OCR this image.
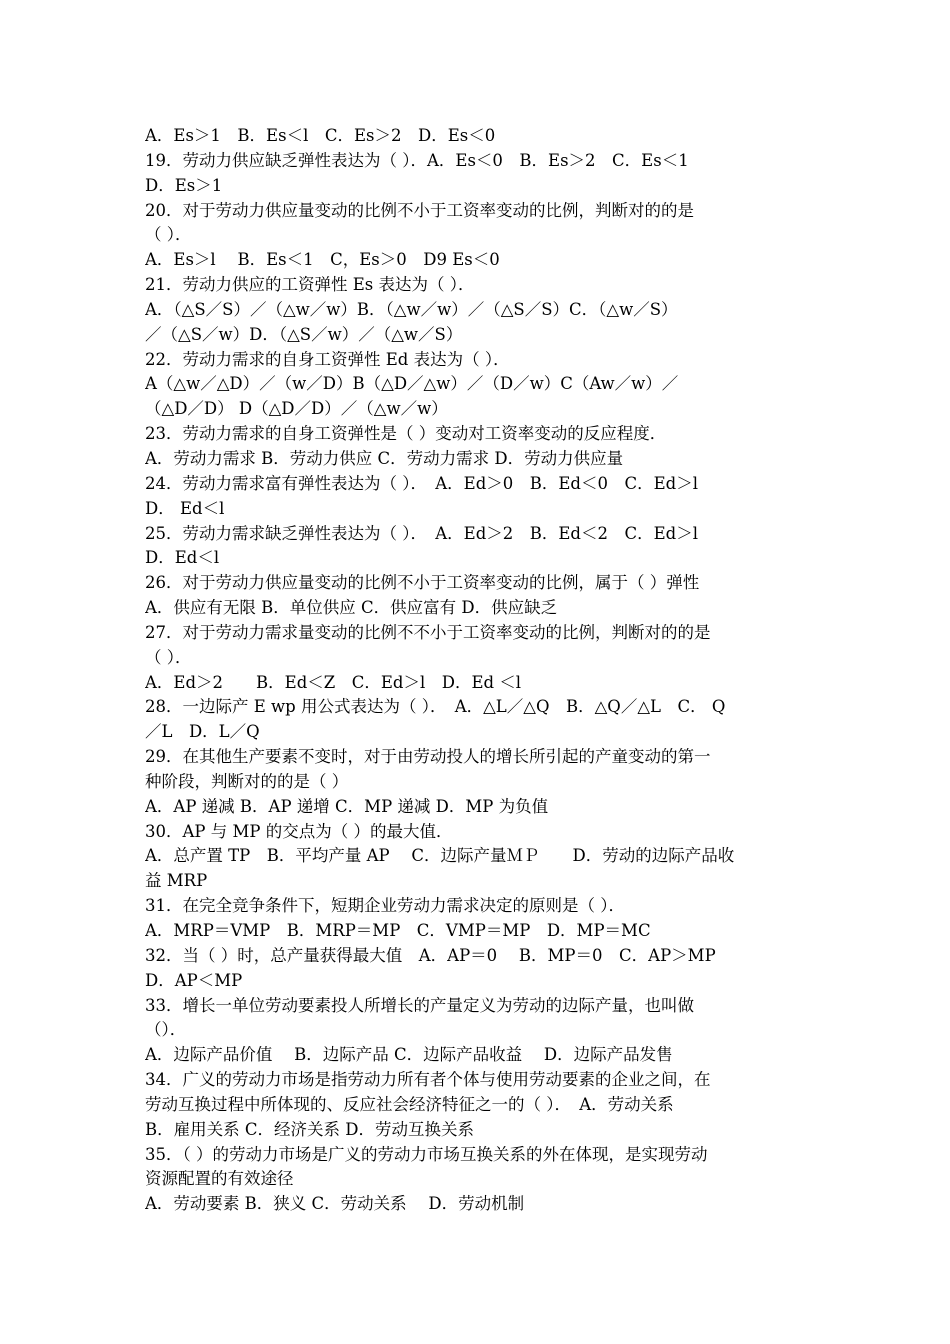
A．Es＞1　B．Es＜l　C．Es＞2　D．Es＜0
19．劳动力供应缺乏弹性表达为（ ）．A．Es＜0　B．Es＞2　C．Es＜1
D．Es＞1
20．对于劳动力供应量变动的比例不小于工资率变动的比例，判断对的的是
（ ）．
A．Es＞l　 B．Es＜1　C，Es＞0　D9 Es＜0
21．劳动力供应的工资弹性 Es 表达为（ ）．
A．（△S／S）／（△w／w）B．（△w／w）／（△S／S）C．（△w／S）
／（△S／w）D．（△S／w）／（△w／S）
22．劳动力需求的自身工资弹性 Ed 表达为（ ）．
A（△w／△D）／（w／D）B（△D／△w）／（D／w）C（Aw／w）／
（△D／D） D（△D／D）／（△w／w）
23．劳动力需求的自身工资弹性是（ ）变动对工资率变动的反应程度．
A．劳动力需求 B．劳动力供应 C．劳动力需求 D．劳动力供应量
24．劳动力需求富有弹性表达为（ ）．　A．Ed＞0　B．Ed＜0　C．Ed＞l
D． Ed＜l
25．劳动力需求缺乏弹性表达为（ ）．　A．Ed＞2　B．Ed＜2　C．Ed＞l
D．Ed＜l
26．对于劳动力供应量变动的比例不小于工资率变动的比例，属于（ ）弹性
A．供应有无限 B．单位供应 C．供应富有 D．供应缺乏
27．对于劳动力需求量变动的比例不不小于工资率变动的比例，判断对的的是
（ ）．
A．Ed＞2　　B．Ed＜Z　C．Ed＞l　D．Ed ＜l
28．一边际产 E wp 用公式表达为（ ）．　A．△L／△Q　B．△Q／△L　C． Q
／L　D．L／Q
29．在其他生产要素不变时，对于由劳动投人的增长所引起的产童变动的第一
种阶段，判断对的的是（ ）
A．AP 递减 B．AP 递增 C．MP 递减 D．MP 为负值
30．AP 与 MP 的交点为（ ）的最大值．
A．总产置 TP　B．平均产量 AP　 C．边际产量ＭＰ　　D．劳动的边际产品收
益 MRP
31．在完全竞争条件下，短期企业劳动力需求决定的原则是（ ）．
A．MRP＝VMP　B．MRP＝MP　C．VMP＝MP　D．MP＝MC
32．当（ ）时，总产量获得最大值　A．AP＝0　 B．MP＝0　C．AP＞MP
D．AP＜MP
33．增长一单位劳动要素投人所增长的产量定义为劳动的边际产量，也叫做
（）．
A．边际产品价值　 B．边际产品 C．边际产品收益　 D．边际产品发售
34．广义的劳动力市场是指劳动力所有者个体与使用劳动要素的企业之间，在
劳动互换过程中所体现的、反应社会经济特征之一的（ ）．　A．劳动关系
B．雇用关系 C．经济关系 D．劳动互换关系
35．（ ）的劳动力市场是广义的劳动力市场互换关系的外在体现，是实现劳动
资源配置的有效途径
A．劳动要素 B．狭义 C．劳动关系　 D．劳动机制
